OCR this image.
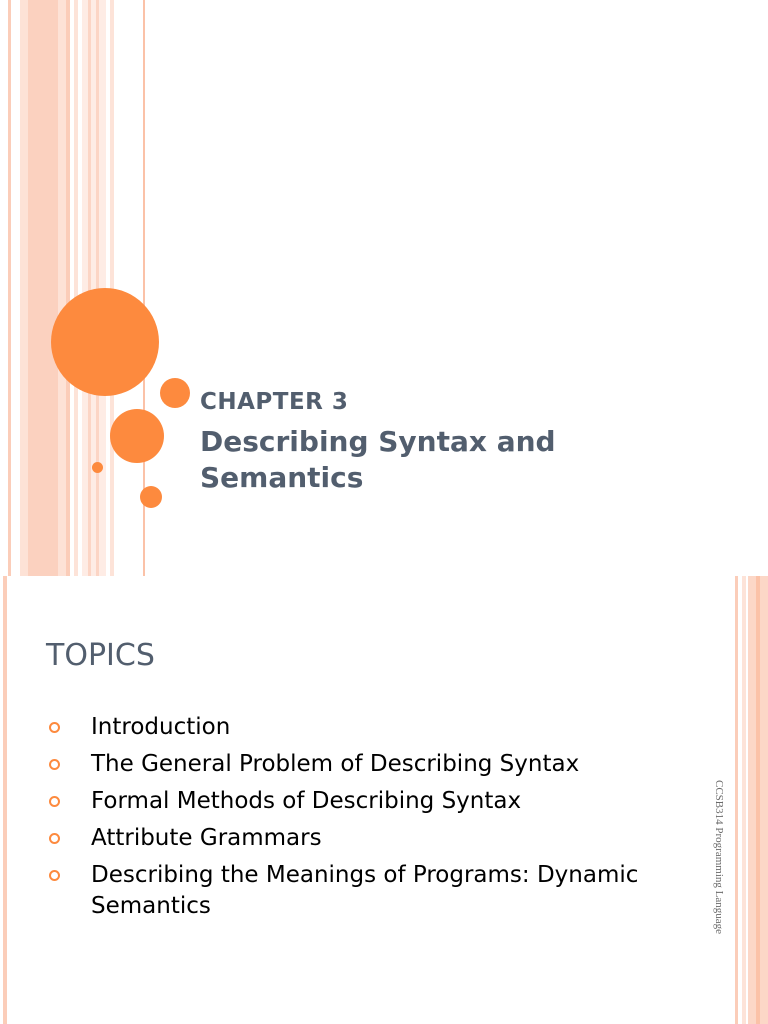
CHAPTER 3
Describing Syntax and Semantics
TOPICS
Introduction
The General Problem of Describing Syntax
Formal Methods of Describing Syntax
Attribute Grammars
Describing the Meanings of Programs: Dynamic Semantics	CCSB314 Programming Language
